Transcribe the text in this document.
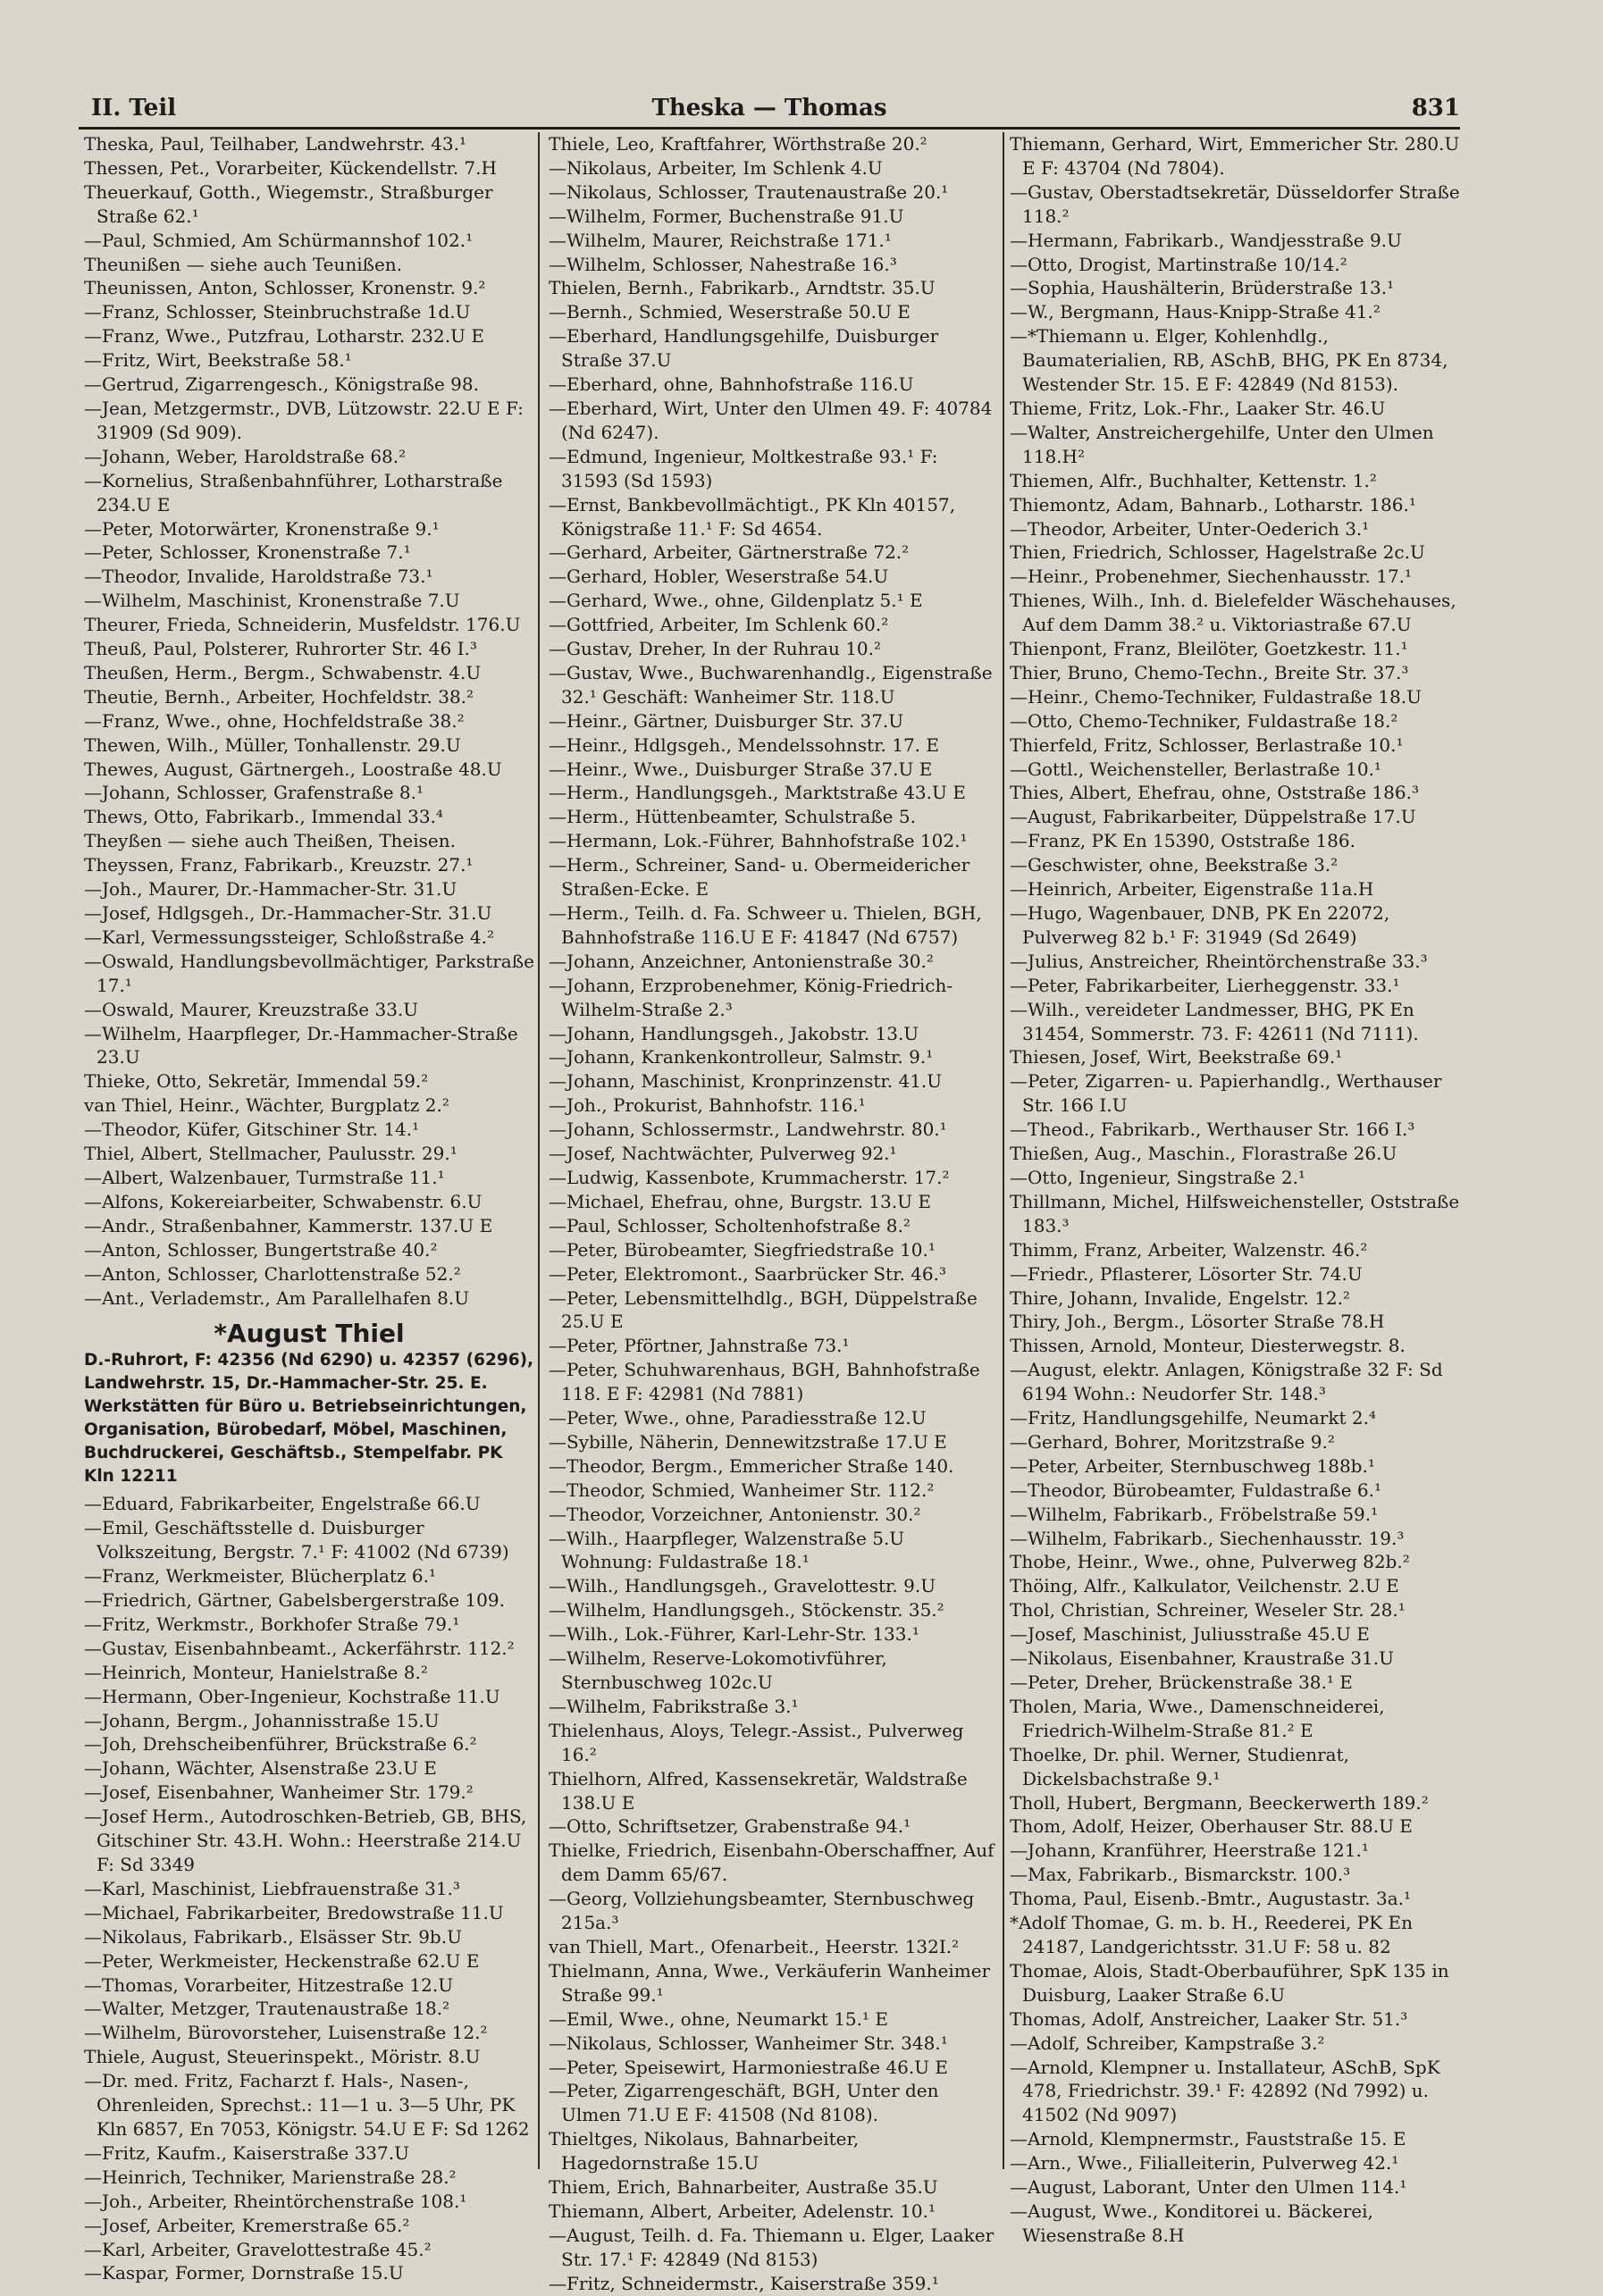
II. Teil	Theska — Thomas	831

Theska, Paul, Teilhaber, Landwehrstr. 43.¹

Thessen, Pet., Vorarbeiter, Kückendellstr. 7.H

Theuerkauf, Gotth., Wiegemstr., Straßburger Straße 62.¹

—Paul, Schmied, Am Schürmannshof 102.¹

Theunißen — siehe auch Teunißen.

Theunissen, Anton, Schlosser, Kronenstr. 9.²

—Franz, Schlosser, Steinbruchstraße 1d.U

—Franz, Wwe., Putzfrau, Lotharstr. 232.U E

—Fritz, Wirt, Beekstraße 58.¹

—Gertrud, Zigarrengesch., Königstraße 98.

—Jean, Metzgermstr., DVB, Lützowstr. 22.U E F: 31909 (Sd 909).

—Johann, Weber, Haroldstraße 68.²

—Kornelius, Straßenbahnführer, Lotharstraße 234.U E

—Peter, Motorwärter, Kronenstraße 9.¹

—Peter, Schlosser, Kronenstraße 7.¹

—Theodor, Invalide, Haroldstraße 73.¹

—Wilhelm, Maschinist, Kronenstraße 7.U

Theurer, Frieda, Schneiderin, Musfeldstr. 176.U

Theuß, Paul, Polsterer, Ruhrorter Str. 46 I.³

Theußen, Herm., Bergm., Schwabenstr. 4.U

Theutie, Bernh., Arbeiter, Hochfeldstr. 38.²

—Franz, Wwe., ohne, Hochfeldstraße 38.²

Thewen, Wilh., Müller, Tonhallenstr. 29.U

Thewes, August, Gärtnergeh., Loostraße 48.U

—Johann, Schlosser, Grafenstraße 8.¹

Thews, Otto, Fabrikarb., Immendal 33.⁴

Theyßen — siehe auch Theißen, Theisen.

Theyssen, Franz, Fabrikarb., Kreuzstr. 27.¹

—Joh., Maurer, Dr.-Hammacher-Str. 31.U

—Josef, Hdlgsgeh., Dr.-Hammacher-Str. 31.U

—Karl, Vermessungssteiger, Schloßstraße 4.²

—Oswald, Handlungsbevollmächtiger, Parkstraße 17.¹

—Oswald, Maurer, Kreuzstraße 33.U

—Wilhelm, Haarpfleger, Dr.-Hammacher-Straße 23.U

Thieke, Otto, Sekretär, Immendal 59.²

van Thiel, Heinr., Wächter, Burgplatz 2.²

—Theodor, Küfer, Gitschiner Str. 14.¹

Thiel, Albert, Stellmacher, Paulusstr. 29.¹

—Albert, Walzenbauer, Turmstraße 11.¹

—Alfons, Kokereiarbeiter, Schwabenstr. 6.U

—Andr., Straßenbahner, Kammerstr. 137.U E

—Anton, Schlosser, Bungertstraße 40.²

—Anton, Schlosser, Charlottenstraße 52.²

—Ant., Verlademstr., Am Parallelhafen 8.U

*August Thiel

D.-Ruhrort, F: 42356 (Nd 6290) u. 42357 (6296), Landwehrstr. 15, Dr.-Hammacher-Str. 25. E. Werkstätten für Büro u. Betriebseinrichtungen, Organisation, Bürobedarf, Möbel, Maschinen, Buchdruckerei, Geschäftsb., Stempelfabr. PK Kln 12211

—Eduard, Fabrikarbeiter, Engelstraße 66.U

—Emil, Geschäftsstelle d. Duisburger Volkszeitung, Bergstr. 7.¹ F: 41002 (Nd 6739)

—Franz, Werkmeister, Blücherplatz 6.¹

—Friedrich, Gärtner, Gabelsbergerstraße 109.

—Fritz, Werkmstr., Borkhofer Straße 79.¹

—Gustav, Eisenbahnbeamt., Ackerfährstr. 112.²

—Heinrich, Monteur, Hanielstraße 8.²

—Hermann, Ober-Ingenieur, Kochstraße 11.U

—Johann, Bergm., Johannisstraße 15.U

—Joh, Drehscheibenführer, Brückstraße 6.²

—Johann, Wächter, Alsenstraße 23.U E

—Josef, Eisenbahner, Wanheimer Str. 179.²

—Josef Herm., Autodroschken-Betrieb, GB, BHS, Gitschiner Str. 43.H. Wohn.: Heerstraße 214.U F: Sd 3349

—Karl, Maschinist, Liebfrauenstraße 31.³

—Michael, Fabrikarbeiter, Bredowstraße 11.U

—Nikolaus, Fabrikarb., Elsässer Str. 9b.U

—Peter, Werkmeister, Heckenstraße 62.U E

—Thomas, Vorarbeiter, Hitzestraße 12.U

—Walter, Metzger, Trautenaustraße 18.²

—Wilhelm, Bürovorsteher, Luisenstraße 12.²

Thiele, August, Steuerinspekt., Möristr. 8.U

—Dr. med. Fritz, Facharzt f. Hals-, Nasen-, Ohrenleiden, Sprechst.: 11—1 u. 3—5 Uhr, PK Kln 6857, En 7053, Königstr. 54.U E F: Sd 1262

—Fritz, Kaufm., Kaiserstraße 337.U

—Heinrich, Techniker, Marienstraße 28.²

—Joh., Arbeiter, Rheintörchenstraße 108.¹

—Josef, Arbeiter, Kremerstraße 65.²

—Karl, Arbeiter, Gravelottestraße 45.²

—Kaspar, Former, Dornstraße 15.U

Thiele, Leo, Kraftfahrer, Wörthstraße 20.²

—Nikolaus, Arbeiter, Im Schlenk 4.U

—Nikolaus, Schlosser, Trautenaustraße 20.¹

—Wilhelm, Former, Buchenstraße 91.U

—Wilhelm, Maurer, Reichstraße 171.¹

—Wilhelm, Schlosser, Nahestraße 16.³

Thielen, Bernh., Fabrikarb., Arndtstr. 35.U

—Bernh., Schmied, Weserstraße 50.U E

—Eberhard, Handlungsgehilfe, Duisburger Straße 37.U

—Eberhard, ohne, Bahnhofstraße 116.U

—Eberhard, Wirt, Unter den Ulmen 49. F: 40784 (Nd 6247).

—Edmund, Ingenieur, Moltkestraße 93.¹ F: 31593 (Sd 1593)

—Ernst, Bankbevollmächtigt., PK Kln 40157, Königstraße 11.¹ F: Sd 4654.

—Gerhard, Arbeiter, Gärtnerstraße 72.²

—Gerhard, Hobler, Weserstraße 54.U

—Gerhard, Wwe., ohne, Gildenplatz 5.¹ E

—Gottfried, Arbeiter, Im Schlenk 60.²

—Gustav, Dreher, In der Ruhrau 10.²

—Gustav, Wwe., Buchwarenhandlg., Eigenstraße 32.¹ Geschäft: Wanheimer Str. 118.U

—Heinr., Gärtner, Duisburger Str. 37.U

—Heinr., Hdlgsgeh., Mendelssohnstr. 17. E

—Heinr., Wwe., Duisburger Straße 37.U E

—Herm., Handlungsgeh., Marktstraße 43.U E

—Herm., Hüttenbeamter, Schulstraße 5.

—Hermann, Lok.-Führer, Bahnhofstraße 102.¹

—Herm., Schreiner, Sand- u. Obermeidericher Straßen-Ecke. E

—Herm., Teilh. d. Fa. Schweer u. Thielen, BGH, Bahnhofstraße 116.U E F: 41847 (Nd 6757)

—Johann, Anzeichner, Antonienstraße 30.²

—Johann, Erzprobenehmer, König-Friedrich-Wilhelm-Straße 2.³

—Johann, Handlungsgeh., Jakobstr. 13.U

—Johann, Krankenkontrolleur, Salmstr. 9.¹

—Johann, Maschinist, Kronprinzenstr. 41.U

—Joh., Prokurist, Bahnhofstr. 116.¹

—Johann, Schlossermstr., Landwehrstr. 80.¹

—Josef, Nachtwächter, Pulverweg 92.¹

—Ludwig, Kassenbote, Krummacherstr. 17.²

—Michael, Ehefrau, ohne, Burgstr. 13.U E

—Paul, Schlosser, Scholtenhofstraße 8.²

—Peter, Bürobeamter, Siegfriedstraße 10.¹

—Peter, Elektromont., Saarbrücker Str. 46.³

—Peter, Lebensmittelhdlg., BGH, Düppelstraße 25.U E

—Peter, Pförtner, Jahnstraße 73.¹

—Peter, Schuhwarenhaus, BGH, Bahnhofstraße 118. E F: 42981 (Nd 7881)

—Peter, Wwe., ohne, Paradiesstraße 12.U

—Sybille, Näherin, Dennewitzstraße 17.U E

—Theodor, Bergm., Emmericher Straße 140.

—Theodor, Schmied, Wanheimer Str. 112.²

—Theodor, Vorzeichner, Antonienstr. 30.²

—Wilh., Haarpfleger, Walzenstraße 5.U Wohnung: Fuldastraße 18.¹

—Wilh., Handlungsgeh., Gravelottestr. 9.U

—Wilhelm, Handlungsgeh., Stöckenstr. 35.²

—Wilh., Lok.-Führer, Karl-Lehr-Str. 133.¹

—Wilhelm, Reserve-Lokomotivführer, Sternbuschweg 102c.U

—Wilhelm, Fabrikstraße 3.¹

Thielenhaus, Aloys, Telegr.-Assist., Pulverweg 16.²

Thielhorn, Alfred, Kassensekretär, Waldstraße 138.U E

—Otto, Schriftsetzer, Grabenstraße 94.¹

Thielke, Friedrich, Eisenbahn-Oberschaffner, Auf dem Damm 65/67.

—Georg, Vollziehungsbeamter, Sternbuschweg 215a.³

van Thiell, Mart., Ofenarbeit., Heerstr. 132I.²

Thielmann, Anna, Wwe., Verkäuferin Wanheimer Straße 99.¹

—Emil, Wwe., ohne, Neumarkt 15.¹ E

—Nikolaus, Schlosser, Wanheimer Str. 348.¹

—Peter, Speisewirt, Harmoniestraße 46.U E

—Peter, Zigarrengeschäft, BGH, Unter den Ulmen 71.U E F: 41508 (Nd 8108).

Thieltges, Nikolaus, Bahnarbeiter, Hagedornstraße 15.U

Thiem, Erich, Bahnarbeiter, Austraße 35.U

Thiemann, Albert, Arbeiter, Adelenstr. 10.¹

—August, Teilh. d. Fa. Thiemann u. Elger, Laaker Str. 17.¹ F: 42849 (Nd 8153)

—Fritz, Schneidermstr., Kaiserstraße 359.¹

Thiemann, Gerhard, Wirt, Emmericher Str. 280.U E F: 43704 (Nd 7804).

—Gustav, Oberstadtsekretär, Düsseldorfer Straße 118.²

—Hermann, Fabrikarb., Wandjesstraße 9.U

—Otto, Drogist, Martinstraße 10/14.²

—Sophia, Haushälterin, Brüderstraße 13.¹

—W., Bergmann, Haus-Knipp-Straße 41.²

—*Thiemann u. Elger, Kohlenhdlg., Baumaterialien, RB, ASchB, BHG, PK En 8734, Westender Str. 15. E F: 42849 (Nd 8153).

Thieme, Fritz, Lok.-Fhr., Laaker Str. 46.U

—Walter, Anstreichergehilfe, Unter den Ulmen 118.H²

Thiemen, Alfr., Buchhalter, Kettenstr. 1.²

Thiemontz, Adam, Bahnarb., Lotharstr. 186.¹

—Theodor, Arbeiter, Unter-Oederich 3.¹

Thien, Friedrich, Schlosser, Hagelstraße 2c.U

—Heinr., Probenehmer, Siechenhausstr. 17.¹

Thienes, Wilh., Inh. d. Bielefelder Wäschehauses, Auf dem Damm 38.² u. Viktoriastraße 67.U

Thienpont, Franz, Bleilöter, Goetzkestr. 11.¹

Thier, Bruno, Chemo-Techn., Breite Str. 37.³

—Heinr., Chemo-Techniker, Fuldastraße 18.U

—Otto, Chemo-Techniker, Fuldastraße 18.²

Thierfeld, Fritz, Schlosser, Berlastraße 10.¹

—Gottl., Weichensteller, Berlastraße 10.¹

Thies, Albert, Ehefrau, ohne, Oststraße 186.³

—August, Fabrikarbeiter, Düppelstraße 17.U

—Franz, PK En 15390, Oststraße 186.

—Geschwister, ohne, Beekstraße 3.²

—Heinrich, Arbeiter, Eigenstraße 11a.H

—Hugo, Wagenbauer, DNB, PK En 22072, Pulverweg 82 b.¹ F: 31949 (Sd 2649)

—Julius, Anstreicher, Rheintörchenstraße 33.³

—Peter, Fabrikarbeiter, Lierheggenstr. 33.¹

—Wilh., vereideter Landmesser, BHG, PK En 31454, Sommerstr. 73. F: 42611 (Nd 7111).

Thiesen, Josef, Wirt, Beekstraße 69.¹

—Peter, Zigarren- u. Papierhandlg., Werthauser Str. 166 I.U

—Theod., Fabrikarb., Werthauser Str. 166 I.³

Thießen, Aug., Maschin., Florastraße 26.U

—Otto, Ingenieur, Singstraße 2.¹

Thillmann, Michel, Hilfsweichensteller, Oststraße 183.³

Thimm, Franz, Arbeiter, Walzenstr. 46.²

—Friedr., Pflasterer, Lösorter Str. 74.U

Thire, Johann, Invalide, Engelstr. 12.²

Thiry, Joh., Bergm., Lösorter Straße 78.H

Thissen, Arnold, Monteur, Diesterwegstr. 8.

—August, elektr. Anlagen, Königstraße 32 F: Sd 6194 Wohn.: Neudorfer Str. 148.³

—Fritz, Handlungsgehilfe, Neumarkt 2.⁴

—Gerhard, Bohrer, Moritzstraße 9.²

—Peter, Arbeiter, Sternbuschweg 188b.¹

—Theodor, Bürobeamter, Fuldastraße 6.¹

—Wilhelm, Fabrikarb., Fröbelstraße 59.¹

—Wilhelm, Fabrikarb., Siechenhausstr. 19.³

Thobe, Heinr., Wwe., ohne, Pulverweg 82b.²

Thöing, Alfr., Kalkulator, Veilchenstr. 2.U E

Thol, Christian, Schreiner, Weseler Str. 28.¹

—Josef, Maschinist, Juliusstraße 45.U E

—Nikolaus, Eisenbahner, Kraustraße 31.U

—Peter, Dreher, Brückenstraße 38.¹ E

Tholen, Maria, Wwe., Damenschneiderei, Friedrich-Wilhelm-Straße 81.² E

Thoelke, Dr. phil. Werner, Studienrat, Dickelsbachstraße 9.¹

Tholl, Hubert, Bergmann, Beeckerwerth 189.²

Thom, Adolf, Heizer, Oberhauser Str. 88.U E

—Johann, Kranführer, Heerstraße 121.¹

—Max, Fabrikarb., Bismarckstr. 100.³

Thoma, Paul, Eisenb.-Bmtr., Augustastr. 3a.¹

*Adolf Thomae, G. m. b. H., Reederei, PK En 24187, Landgerichtsstr. 31.U F: 58 u. 82

Thomae, Alois, Stadt-Oberbauführer, SpK 135 in Duisburg, Laaker Straße 6.U

Thomas, Adolf, Anstreicher, Laaker Str. 51.³

—Adolf, Schreiber, Kampstraße 3.²

—Arnold, Klempner u. Installateur, ASchB, SpK 478, Friedrichstr. 39.¹ F: 42892 (Nd 7992) u. 41502 (Nd 9097)

—Arnold, Klempnermstr., Fauststraße 15. E

—Arn., Wwe., Filialleiterin, Pulverweg 42.¹

—August, Laborant, Unter den Ulmen 114.¹

—August, Wwe., Konditorei u. Bäckerei, Wiesenstraße 8.H
